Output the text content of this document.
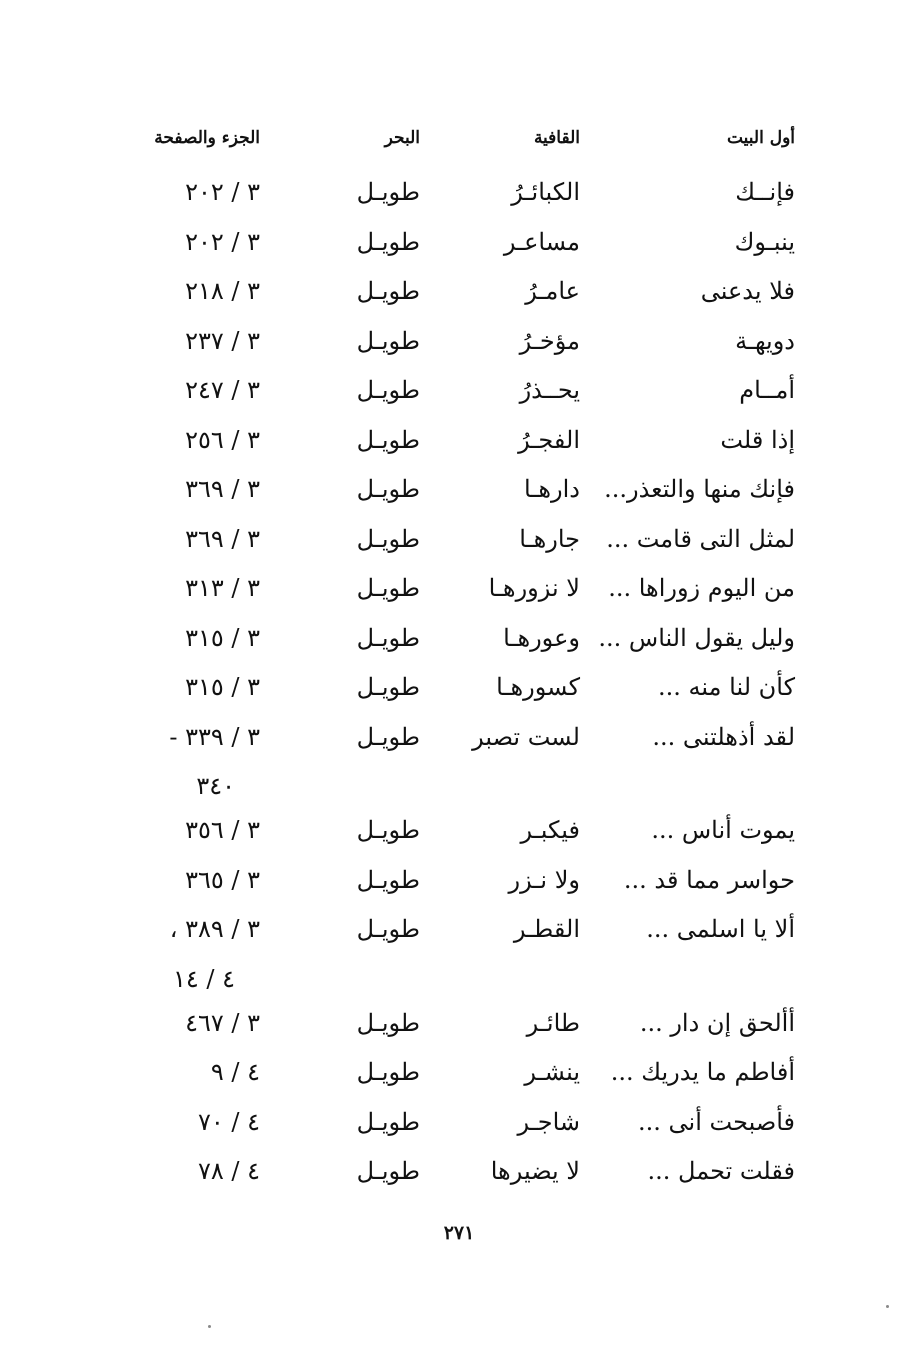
أول البيت
القافية
البحر
الجزء والصفحة
فإنــك
الكبائـرُ
طويـل
٣ / ٢٠٢
ينبـوك
مساعـر
طويـل
٣ / ٢٠٢
فلا يدعنى
عامـرُ
طويـل
٣ / ٢١٨
دويهـة
مؤخـرُ
طويـل
٣ / ٢٣٧
أمــام
يحــذرُ
طويـل
٣ / ٢٤٧
إذا قلت
الفجـرُ
طويـل
٣ / ٢٥٦
فإنك منها والتعذر...
دارهـا
طويـل
٣ / ٣٦٩
لمثل التى قامت ...
جارهـا
طويـل
٣ / ٣٦٩
من اليوم زوراها ...
لا نزورهـا
طويـل
٣ / ٣١٣
وليل يقول الناس ...
وعورهـا
طويـل
٣ / ٣١٥
كأن لنا منه ...
كسورهـا
طويـل
٣ / ٣١٥
لقد أذهلتنى ...
لست تصبر
طويـل
٣ / ٣٣٩ -
٣٤٠
يموت أناس ...
فيكبـر
طويـل
٣ / ٣٥٦
حواسر مما قد ...
ولا نـزر
طويـل
٣ / ٣٦٥
ألا يا اسلمى ...
القطـر
طويـل
٣ / ٣٨٩ ،
٤ / ١٤
أألحق إن دار ...
طائـر
طويـل
٣ / ٤٦٧
أفاطم ما يدريك ...
ينشـر
طويـل
٤ / ٩
فأصبحت أنى ...
شاجـر
طويـل
٤ / ٧٠
فقلت تحمل ...
لا يضيرها
طويـل
٤ / ٧٨
٢٧١
